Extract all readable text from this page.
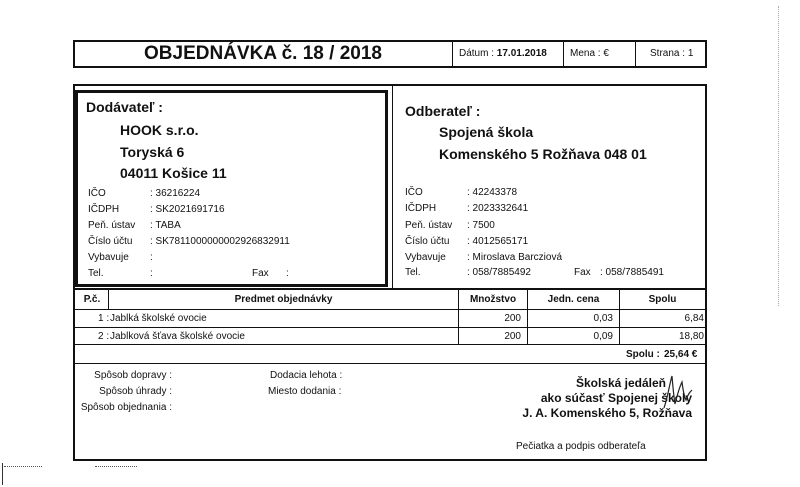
OBJEDNÁVKA č. 18 / 2018	Dátum : 17.01.2018	Mena : €	Strana : 1
Dodávateľ :
HOOK s.r.o.
Toryská 6
04011 Košice 11
IČO	: 36216224
IČDPH	: SK2021691716
Peň. ústav : TABA
Číslo účtu : SK7811000000002926832911
Vybavuje :
Tel.	:	Fax :
Odberateľ :
Spojená škola
Komenského 5 Rožňava 048 01
IČO	: 42243378
IČDPH	: 2023332641
Peň. ústav : 7500
Číslo účtu : 4012565171
Vybavuje : Miroslava Barcziová
Tel.	: 058/7885492	Fax : 058/7885491
P.č.	Predmet objednávky	Množstvo	Jedn. cena	Spolu
1 : Jablká školské ovocie	200	0,03	6,84
2 : Jablková šťava školské ovocie	200	0,09	18,80
Spolu : 25,64 €
Spôsob dopravy :
Spôsob úhrady :
Spôsob objednania :
Dodacia lehota :
Miesto dodania :
Školská jedáleň
ako súčasť Spojenej školy
J. A. Komenského 5, Rožňava
Pečiatka a podpis odberateľa
